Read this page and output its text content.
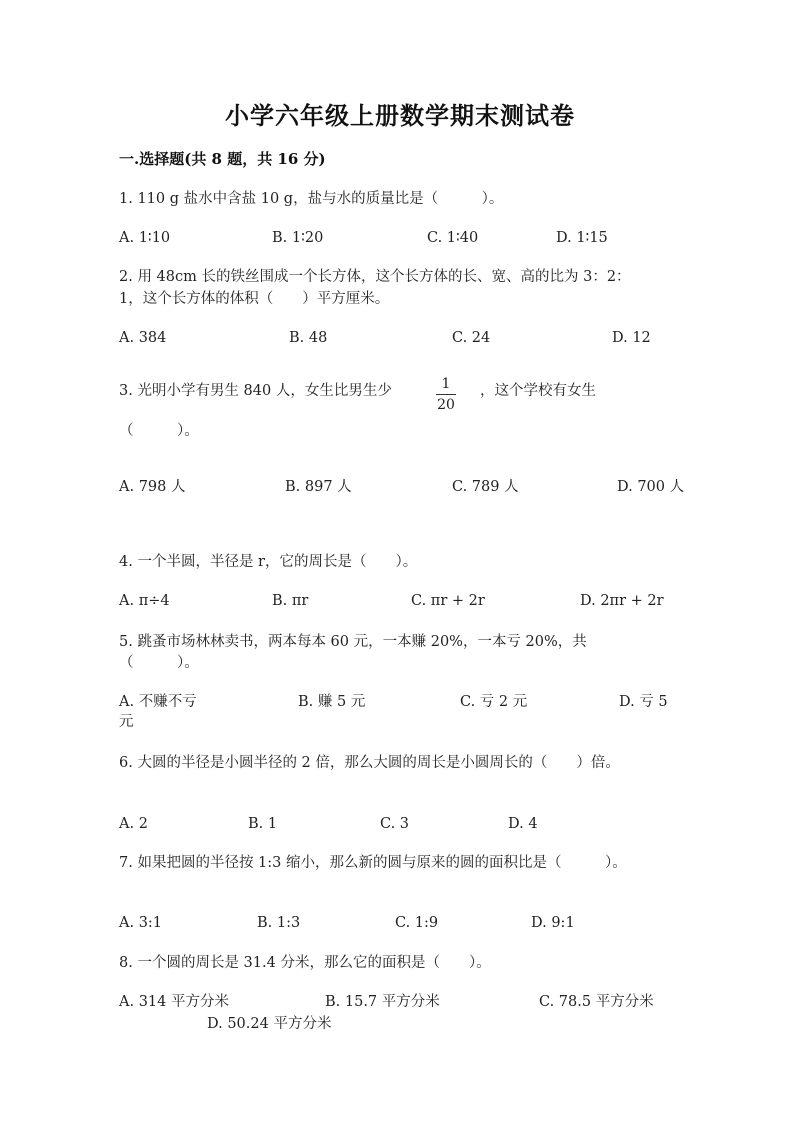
小学六年级上册数学期末测试卷
一.选择题(共 8 题，共 16 分)
1. 110 g 盐水中含盐 10 g，盐与水的质量比是（　　　）。
A. 1∶10	B. 1∶20	C. 1∶40	D. 1∶15
2. 用 48cm 长的铁丝围成一个长方体，这个长方体的长、宽、高的比为 3：2：
1，这个长方体的体积（　　）平方厘米。
A. 384	B. 48	C. 24	D. 12
3. 光明小学有男生 840 人，女生比男生少	1
20
，这个学校有女生
（　　　）。
A. 798 人	B. 897 人	C. 789 人	D. 700 人
4. 一个半圆，半径是 r，它的周长是（　　）。
A. π÷4	B. πr	C. πr + 2r	D. 2πr + 2r
5. 跳蚤市场林林卖书，两本每本 60 元，一本赚 20%，一本亏 20%，共
（　　　）。
A. 不赚不亏	B. 赚 5 元	C. 亏 2 元	D. 亏 5
元
6. 大圆的半径是小圆半径的 2 倍，那么大圆的周长是小圆周长的（　　）倍。
A. 2	B. 1	C. 3	D. 4
7. 如果把圆的半径按 1:3 缩小，那么新的圆与原来的圆的面积比是（　　　）。
A. 3:1	B. 1:3	C. 1:9	D. 9:1
8. 一个圆的周长是 31.4 分米，那么它的面积是（　　）。
A. 314 平方分米	B. 15.7 平方分米	C. 78.5 平方分米
D. 50.24 平方分米
